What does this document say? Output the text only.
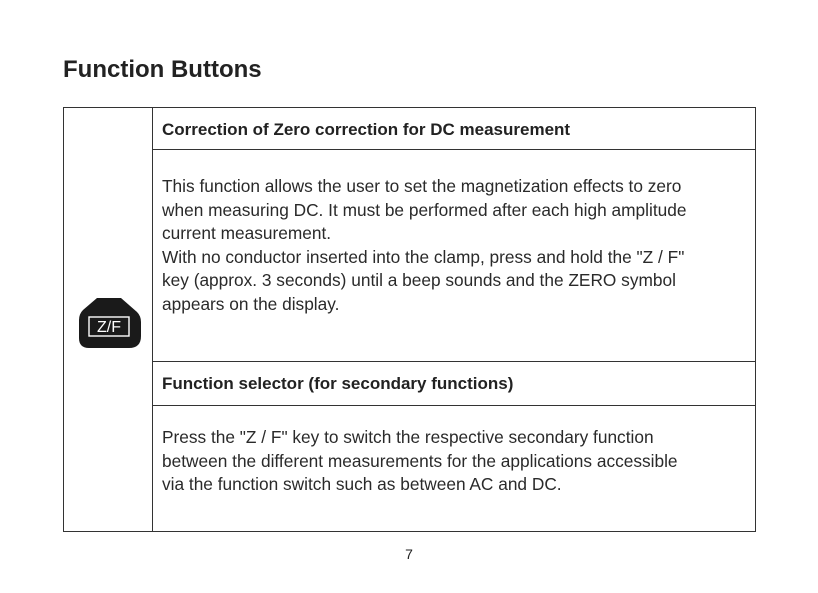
Function Buttons
Z/F
Correction of Zero correction for DC measurement

This function allows the user to set the magnetization effects to zero

when measuring DC. It must be performed after each high amplitude

current measurement.

With no conductor inserted into the clamp, press and hold the "Z / F"

key (approx. 3 seconds) until a beep sounds and the ZERO symbol

appears on the display.

Function selector (for secondary functions)

Press the "Z / F" key to switch the respective secondary function

between the different measurements for the applications accessible

via the function switch such as between AC and DC.

7
